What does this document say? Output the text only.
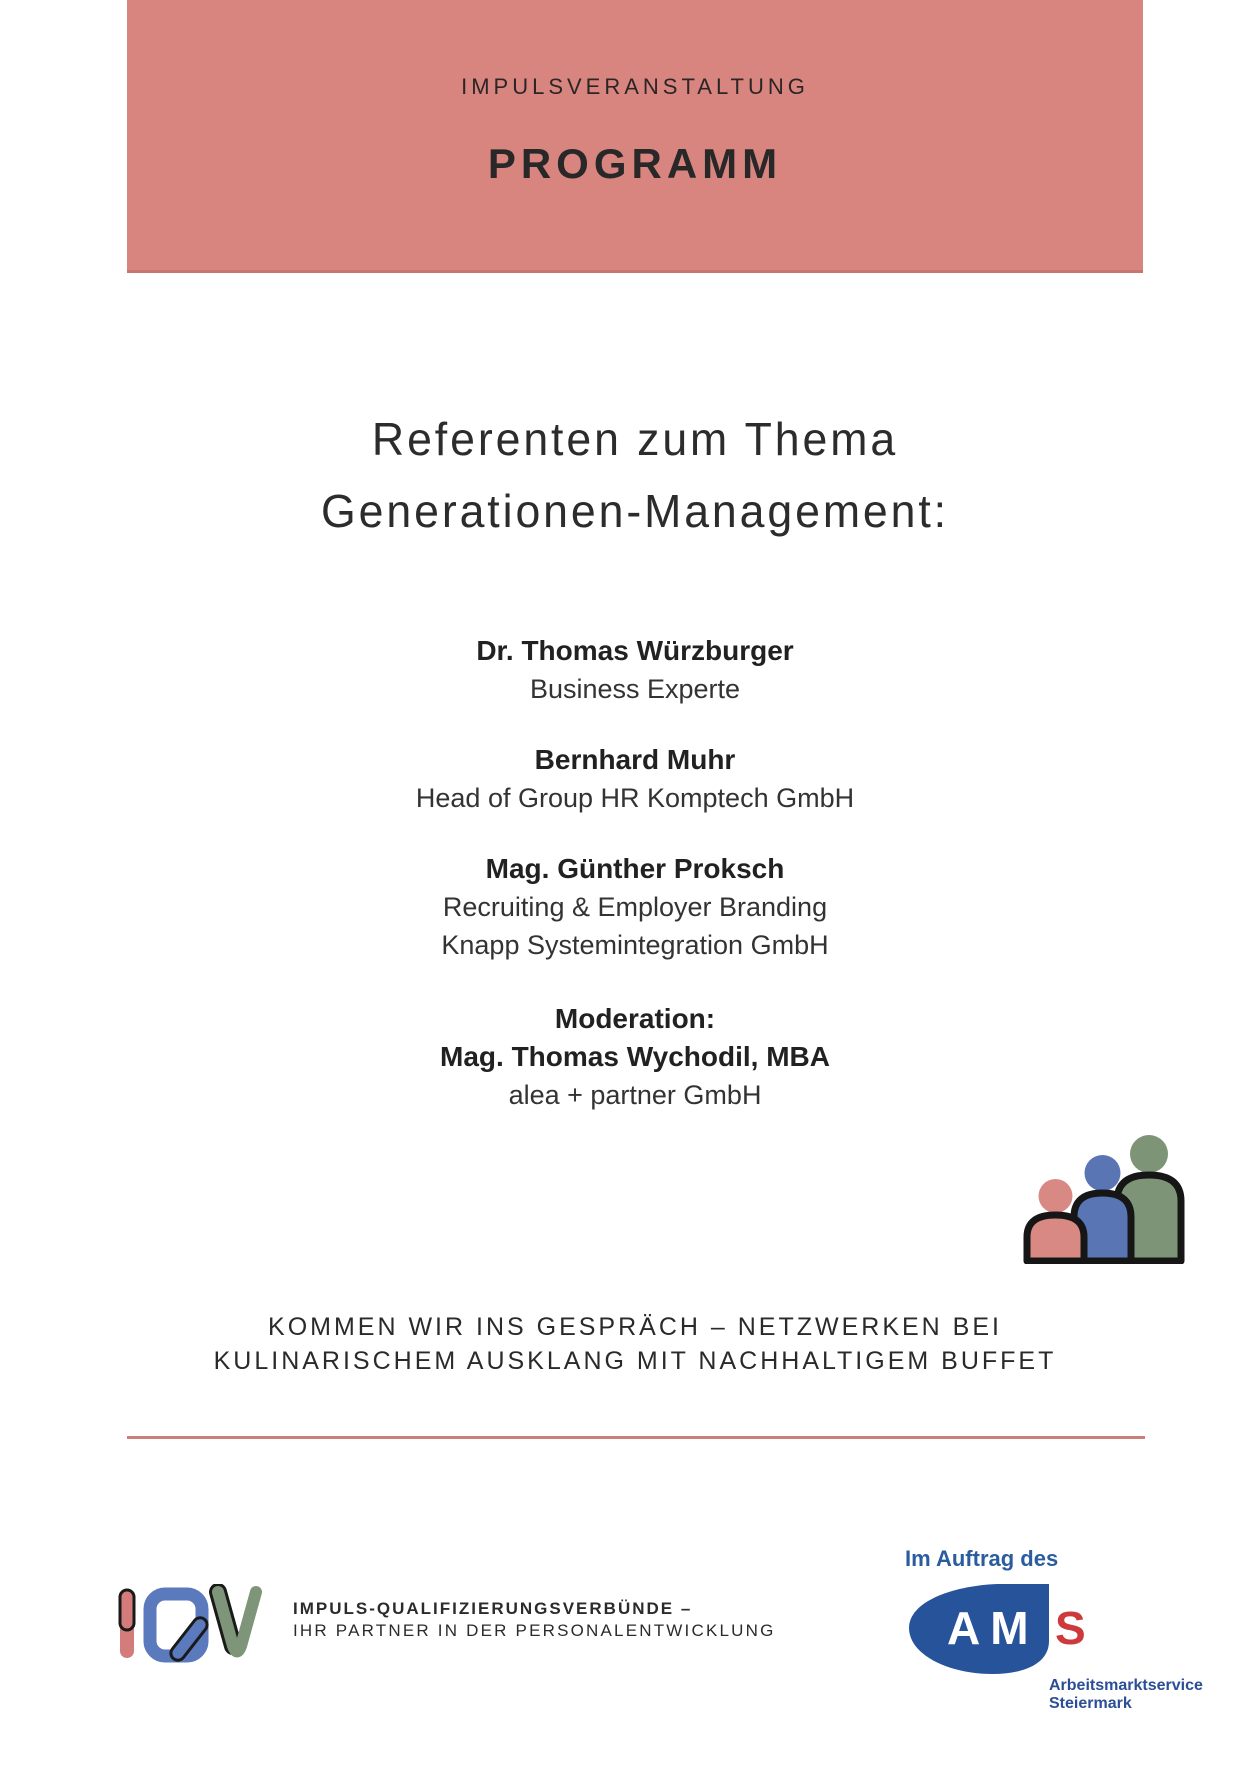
IMPULSVERANSTALTUNG
PROGRAMM
Referenten zum Thema
Generationen-Management:
Dr. Thomas Würzburger
Business Experte
Bernhard Muhr
Head of Group HR Komptech GmbH
Mag. Günther Proksch
Recruiting & Employer Branding
Knapp Systemintegration GmbH
Moderation:
Mag. Thomas Wychodil, MBA
alea + partner GmbH
KOMMEN WIR INS GESPRÄCH – NETZWERKEN BEI
KULINARISCHEM AUSKLANG MIT NACHHALTIGEM BUFFET
IMPULS-QUALIFIZIERUNGSVERBÜNDE –
IHR PARTNER IN DER PERSONALENTWICKLUNG
Im Auftrag des
AM S
Arbeitsmarktservice
Steiermark
